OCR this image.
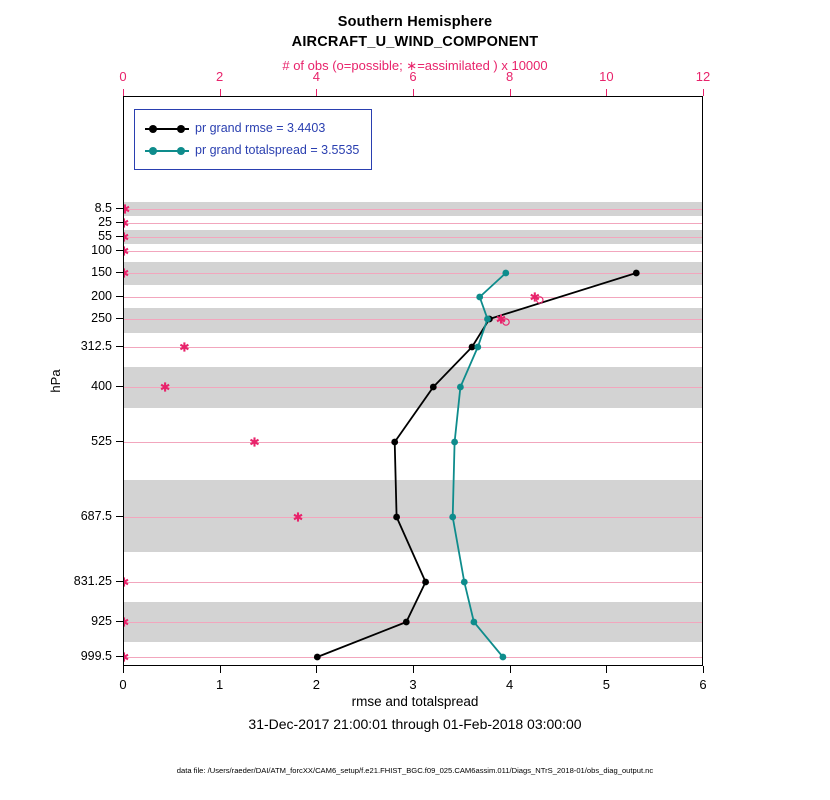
Southern Hemisphere
AIRCRAFT_U_WIND_COMPONENT
# of obs (o=possible; ∗=assimilated ) x 10000
pr grand rmse = 3.4403
pr grand totalspread = 3.5535
0	2	4	6	8	10	12
0	1	2	3	4	5	6
8.5
25
55
100
150
200
250
312.5
400
525
687.5
831.25
925
999.5
hPa
rmse and totalspread
31-Dec-2017 21:00:01 through 01-Feb-2018 03:00:00
data file: /Users/raeder/DAI/ATM_forcXX/CAM6_setup/f.e21.FHIST_BGC.f09_025.CAM6assim.011/Diags_NTrS_2018-01/obs_diag_output.nc
